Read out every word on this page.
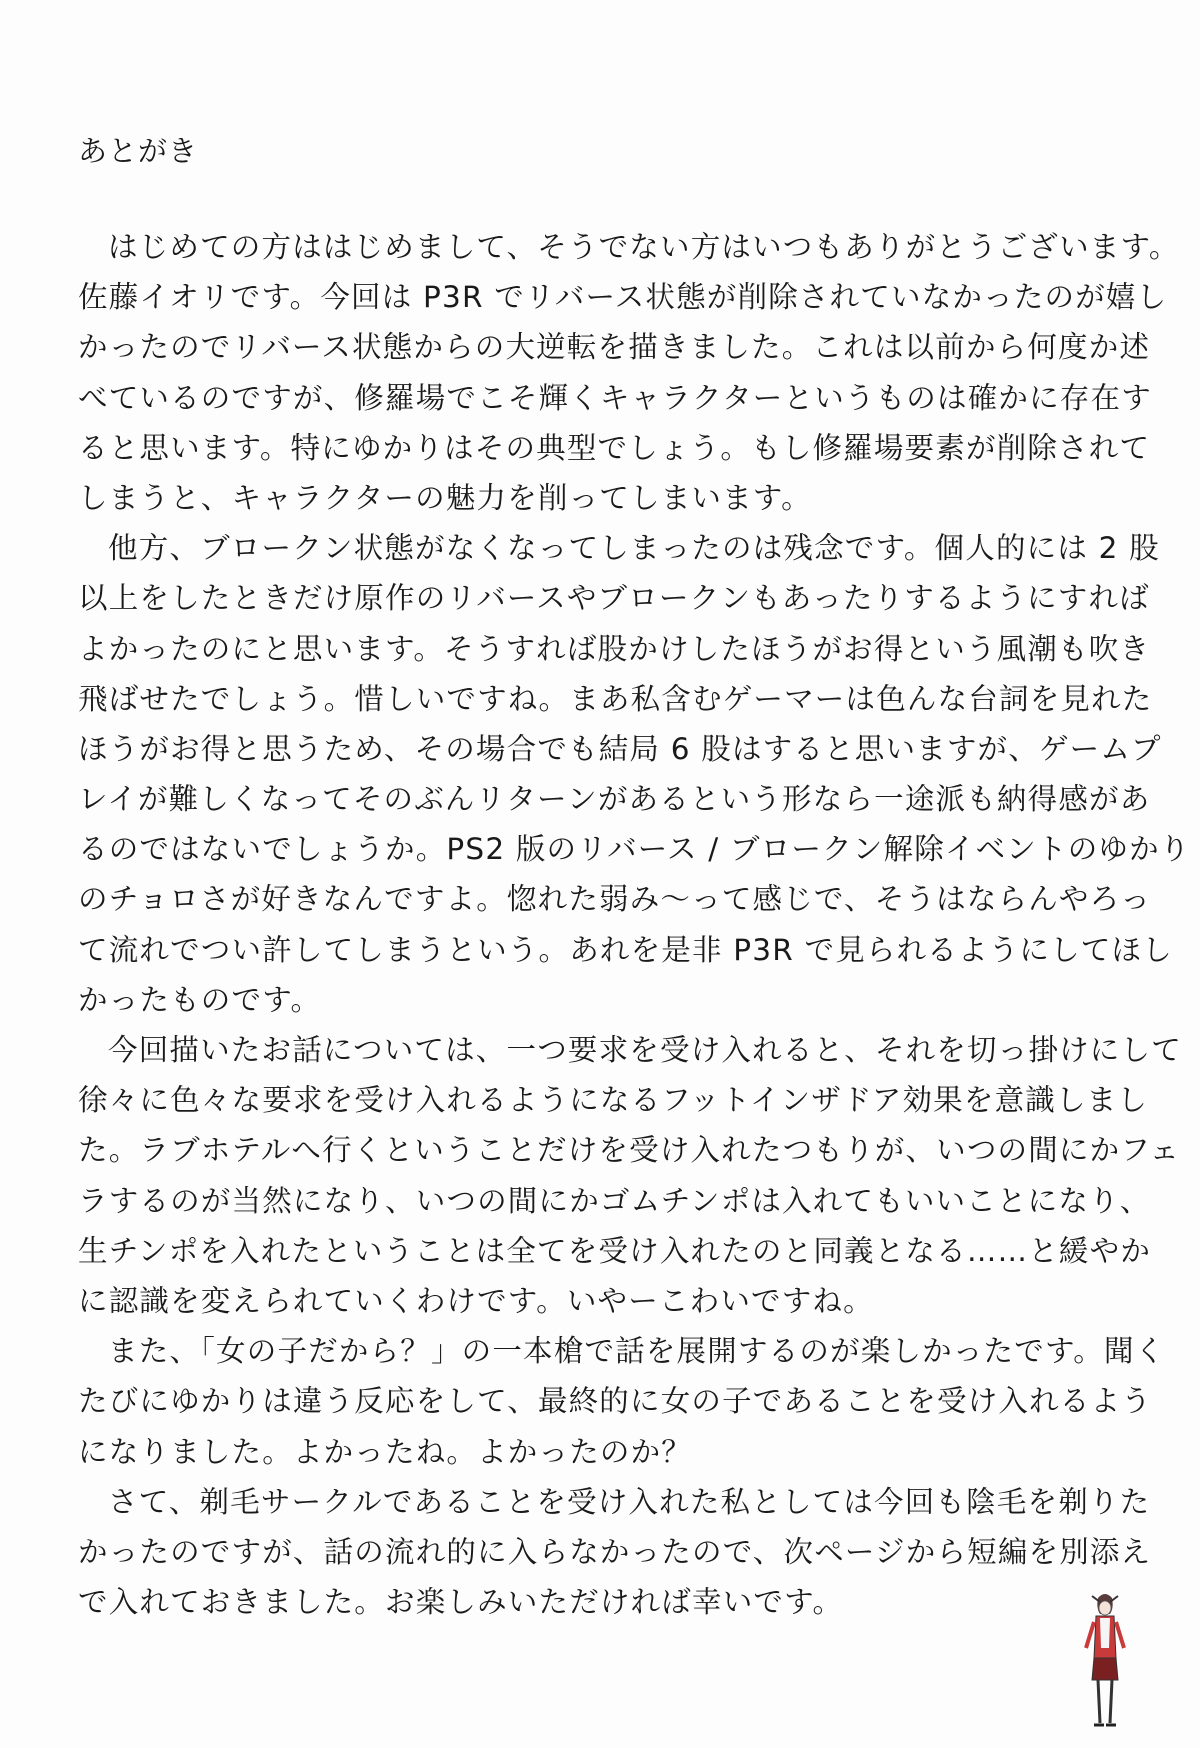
あとがき
はじめての方ははじめまして、そうでない方はいつもありがとうございます。
佐藤イオリです。今回は P3R でリバース状態が削除されていなかったのが嬉し
かったのでリバース状態からの大逆転を描きました。これは以前から何度か述
べているのですが、修羅場でこそ輝くキャラクターというものは確かに存在す
ると思います。特にゆかりはその典型でしょう。もし修羅場要素が削除されて
しまうと、キャラクターの魅力を削ってしまいます。
他方、ブロークン状態がなくなってしまったのは残念です。個人的には 2 股
以上をしたときだけ原作のリバースやブロークンもあったりするようにすれば
よかったのにと思います。そうすれば股かけしたほうがお得という風潮も吹き
飛ばせたでしょう。惜しいですね。まあ私含むゲーマーは色んな台詞を見れた
ほうがお得と思うため、その場合でも結局 6 股はすると思いますが、ゲームプ
レイが難しくなってそのぶんリターンがあるという形なら一途派も納得感があ
るのではないでしょうか。PS2 版のリバース / ブロークン解除イベントのゆかり
のチョロさが好きなんですよ。惚れた弱み～って感じで、そうはならんやろっ
て流れでつい許してしまうという。あれを是非 P3R で見られるようにしてほし
かったものです。
今回描いたお話については、一つ要求を受け入れると、それを切っ掛けにして
徐々に色々な要求を受け入れるようになるフットインザドア効果を意識しまし
た。ラブホテルへ行くということだけを受け入れたつもりが、いつの間にかフェ
ラするのが当然になり、いつの間にかゴムチンポは入れてもいいことになり、
生チンポを入れたということは全てを受け入れたのと同義となる……と緩やか
に認識を変えられていくわけです。いやーこわいですね。
また、「女の子だから？」の一本槍で話を展開するのが楽しかったです。聞く
たびにゆかりは違う反応をして、最終的に女の子であることを受け入れるよう
になりました。よかったね。よかったのか？
さて、剃毛サークルであることを受け入れた私としては今回も陰毛を剃りた
かったのですが、話の流れ的に入らなかったので、次ページから短編を別添え
で入れておきました。お楽しみいただければ幸いです。
